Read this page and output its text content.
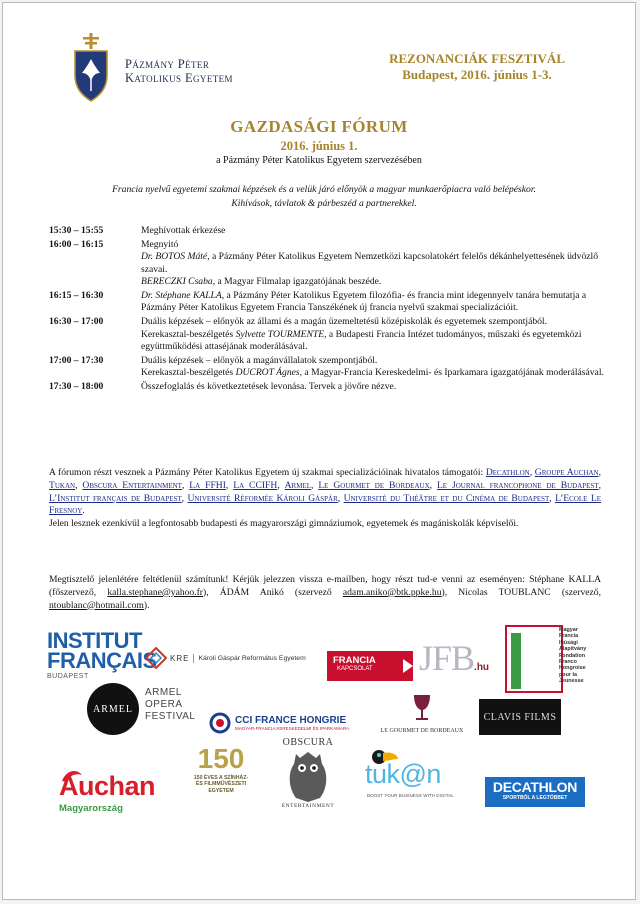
Pázmány Péter
Katolikus Egyetem
REZONANCIÁK FESZTIVÁL
Budapest, 2016. június 1-3.
GAZDASÁGI FÓRUM
2016. június 1.
a Pázmány Péter Katolikus Egyetem szervezésében
Francia nyelvű egyetemi szakmai képzések és a velük járó előnyök a magyar munkaerőpiacra való belépéskor.
Kihívások, távlatok & párbeszéd a partnerekkel.
15:30 – 15:55	Meghívottak érkezése

16:00 – 16:15	Megnyitó

Dr. BOTOS Máté, a Pázmány Péter Katolikus Egyetem Nemzetközi kapcsolatokért felelős dékánhelyettesének üdvözlő szavai.

BERECZKI Csaba, a Magyar Filmalap igazgatójának beszéde.

16:15 – 16:30	Dr. Stéphane KALLA, a Pázmány Péter Katolikus Egyetem filozófia- és francia mint idegennyelv tanára bemutatja a Pázmány Péter Katolikus Egyetem Francia Tanszékének új francia nyelvű szakmai specializációit.

16:30 – 17:00	Duális képzések – előnyök az állami és a magán üzemeltetésű középiskolák és egyetemek szempontjából.

Kerekasztal-beszélgetés Sylvette TOURMENTE, a Budapesti Francia Intézet tudományos, műszaki és egyetemközi együttműködési attaséjának moderálásával.

17:00 – 17:30	Duális képzések – előnyök a magánvállalatok szempontjából.

Kerekasztal-beszélgetés DUCROT Ágnes, a Magyar-Francia Kereskedelmi- és Iparkamara igazgatójának moderálásával.

17:30 – 18:00	Összefoglalás és következtetések levonása. Tervek a jövőre nézve.

A fórumon részt vesznek a Pázmány Péter Katolikus Egyetem új szakmai specializációinak hivatalos támogatói: Decathlon, Groupe Auchan, Tukan, Obscura Entertainment, La FFHI, La CCIFH, Armel, Le Gourmet de Bordeaux, Le Journal francophone de Budapest, L’Institut français de Budapest, Université Réformée Károli Gáspár, Université du Théâtre et du Cinéma de Budapest, L’Ecole Le Fresnoy.

Jelen lesznek ezenkívül a legfontosabb budapesti és magyarországi gimnáziumok, egyetemek és magániskolák képviselői.

Megtisztelő jelenlétére feltétlenül számítunk! Kérjük jelezzen vissza e-mailben, hogy részt tud-e venni az eseményen: Stéphane KALLA (főszervező, kalla.stephane@yahoo.fr), ÁDÁM Anikó (szervező adam.aniko@btk.ppke.hu), Nicolas TOUBLANC (szervező, ntoublanc@hotmail.com).
INSTITUT
FRANÇAIS
BUDAPEST
KRE	Károli Gáspár Református Egyetem	FRANCIA
KAPCSOLAT	JFB.hu
Magyar Francia Ifjúsági Alapítvány Fondation Franco Hongroise pour la Jeunesse
ARMEL
ARMEL
OPERA
FESTIVAL	CCI FRANCE HONGRIE
MAGYAR-FRANCIA KERESKEDELMI ÉS IPARKAMARA	LE GOURMET DE BORDEAUX
CLAVIS FILMS
Auchan
Magyarország
150
150 ÉVES A SZÍNHÁZ- ÉS FILMMŰVÉSZETI EGYETEM
OBSCURA
ENTERTAINMENT
tuk@n
BOOST YOUR BUSINESS WITH DIGITAL
DECATHLON
SPORTBÓL A LEGTÖBBET
